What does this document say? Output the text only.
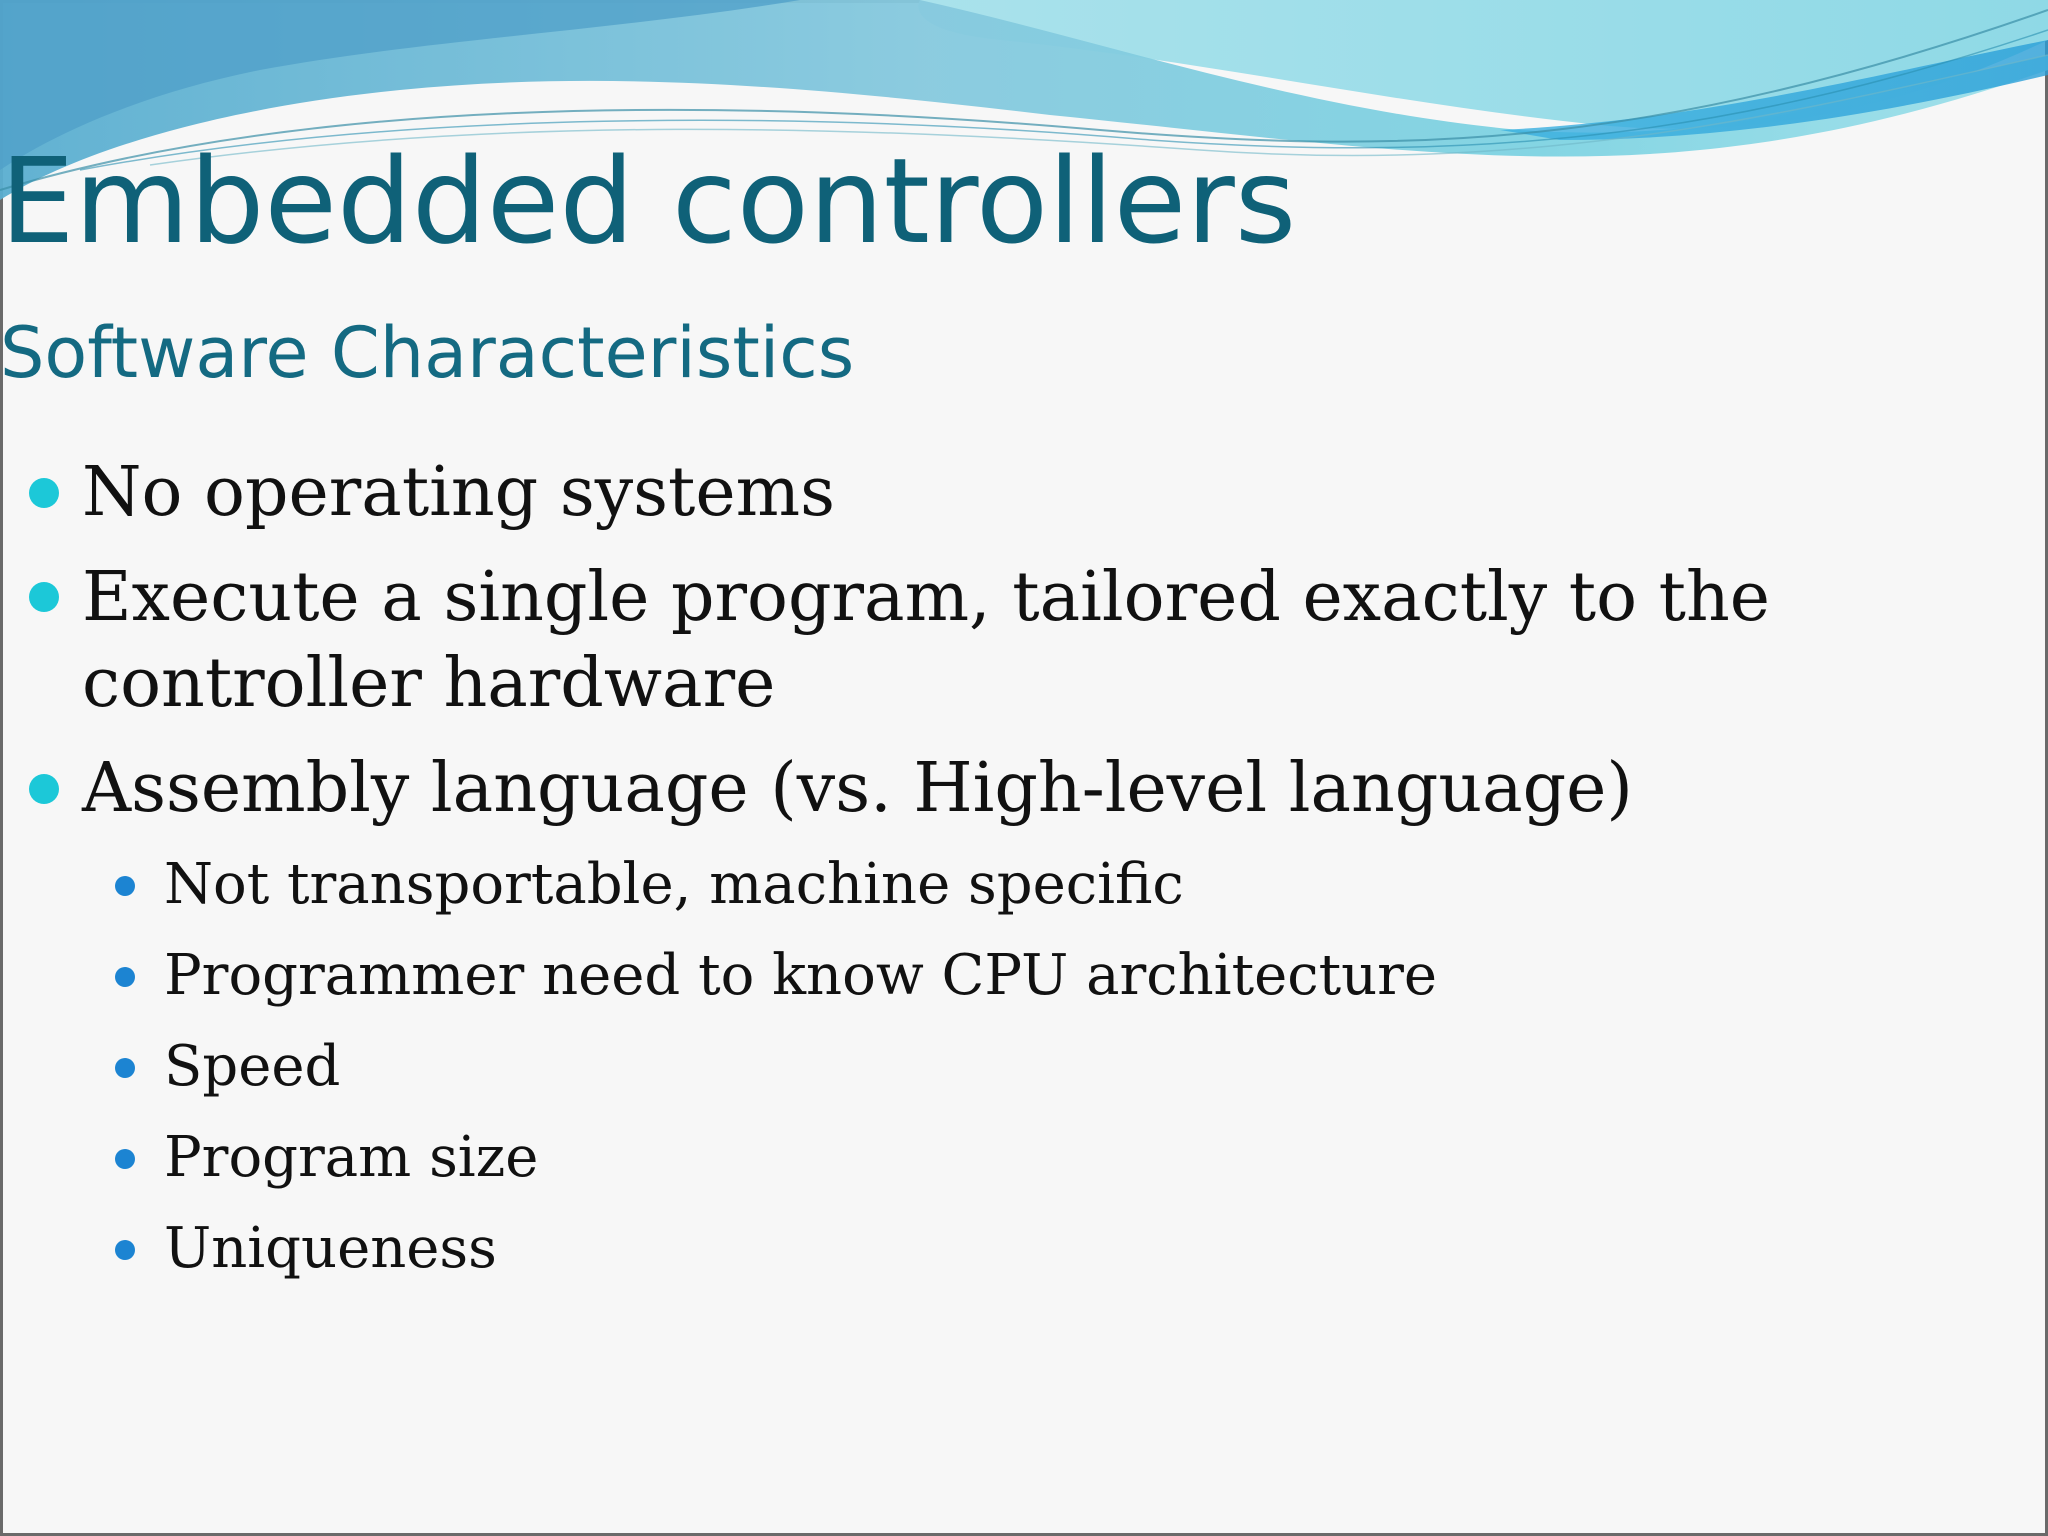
Embedded controllers
Software Characteristics
No operating systems
Execute a single program, tailored exactly to the
controller hardware
Assembly language (vs. High-level language)
Not transportable, machine specific
Programmer need to know CPU architecture
Speed
Program size
Uniqueness
